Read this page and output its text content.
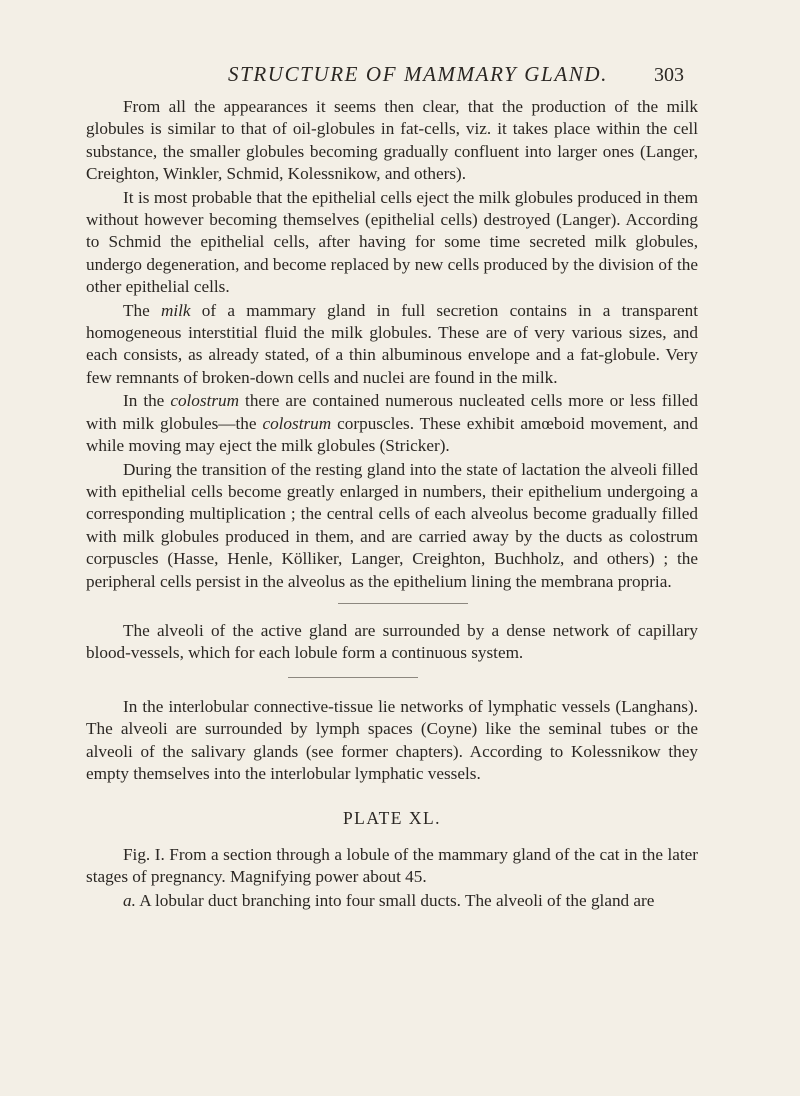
STRUCTURE OF MAMMARY GLAND. 303

From all the appearances it seems then clear, that the production of the milk globules is similar to that of oil-globules in fat-cells, viz. it takes place within the cell substance, the smaller globules becoming gradually confluent into larger ones (Langer, Creighton, Winkler, Schmid, Kolessnikow, and others).

It is most probable that the epithelial cells eject the milk globules produced in them without however becoming themselves (epithelial cells) destroyed (Langer). According to Schmid the epithelial cells, after having for some time secreted milk globules, undergo degeneration, and become replaced by new cells produced by the division of the other epithelial cells.

The milk of a mammary gland in full secretion contains in a transparent homogeneous interstitial fluid the milk globules. These are of very various sizes, and each consists, as already stated, of a thin albuminous envelope and a fat-globule. Very few remnants of broken-down cells and nuclei are found in the milk.

In the colostrum there are contained numerous nucleated cells more or less filled with milk globules—the colostrum corpuscles. These exhibit amœboid movement, and while moving may eject the milk globules (Stricker).

During the transition of the resting gland into the state of lactation the alveoli filled with epithelial cells become greatly enlarged in numbers, their epithelium undergoing a corresponding multiplication ; the central cells of each alveolus become gradually filled with milk globules produced in them, and are carried away by the ducts as colostrum corpuscles (Hasse, Henle, Kölliker, Langer, Creighton, Buchholz, and others) ; the peripheral cells persist in the alveolus as the epithelium lining the membrana propria.

The alveoli of the active gland are surrounded by a dense network of capillary blood-vessels, which for each lobule form a continuous system.

In the interlobular connective-tissue lie networks of lymphatic vessels (Langhans). The alveoli are surrounded by lymph spaces (Coyne) like the seminal tubes or the alveoli of the salivary glands (see former chapters). According to Kolessnikow they empty themselves into the interlobular lymphatic vessels.

PLATE XL.

Fig. I. From a section through a lobule of the mammary gland of the cat in the later stages of pregnancy. Magnifying power about 45.

a. A lobular duct branching into four small ducts. The alveoli of the gland are
